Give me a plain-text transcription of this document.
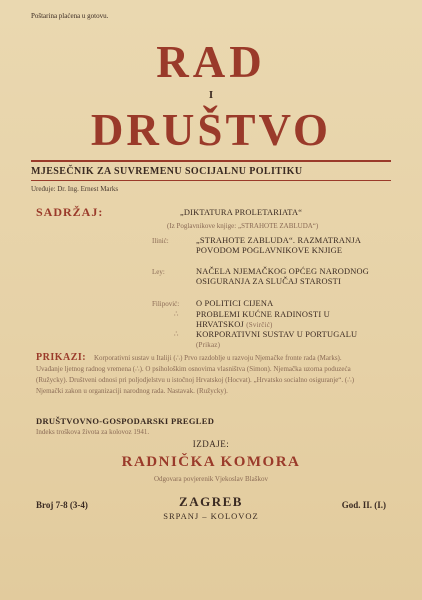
Poštarina plaćena u gotovu.
RAD
I
DRUŠTVO
MJESEČNIK ZA SUVREMENU SOCIJALNU POLITIKU
Uređuje: Dr. Ing. Ernest Marks
SADRŽAJ:	„DIKTATURA PROLETARIATA“
(Iz Poglavnikove knjige: „STRAHOTE ZABLUDA“)
Ilinić:	„STRAHOTE ZABLUDA“. RAZMATRANJA POVODOM POGLAVNIKOVE KNJIGE
Ley:	NAČELA NJEMAČKOG OPĆEG NARODNOG OSIGURANJA ZA SLUČAJ STAROSTI
Filipović: O POLITICI CIJENA
∴ PROBLEMI KUĆNE RADINOSTI U HRVATSKOJ (Svirčić)
∴ KORPORATIVNI SUSTAV U PORTUGALU (Prikaz)
PRIKAZI:	Korporativni sustav u Italiji (∴) Prvo razdoblje u razvoju Njemačke fronte rada (Marks). Uvađanje ljetnog radnog vremena (∴). O psihološkim osnovima vlasništva (Simon). Njemačka uzorna poduzeća (Ružycky). Društveni odnosi pri poljodjelstvu u istočnoj Hrvatskoj (Hocvat). „Hrvatsko socialno osiguranje“. (∴) Njemački zakon u organizaciji narodnog rada. Nastavak. (Ružycky).
DRUŠTVOVNO-GOSPODARSKI PREGLED
Indeks troškova života za kolovoz 1941.
IZDAJE:
RADNIČKA KOMORA
Odgovara povjerenik Vjekoslav Blaškov
Broj 7-8 (3-4)	ZAGREB
SRPANJ – KOLOVOZ
God. II. (I.)
